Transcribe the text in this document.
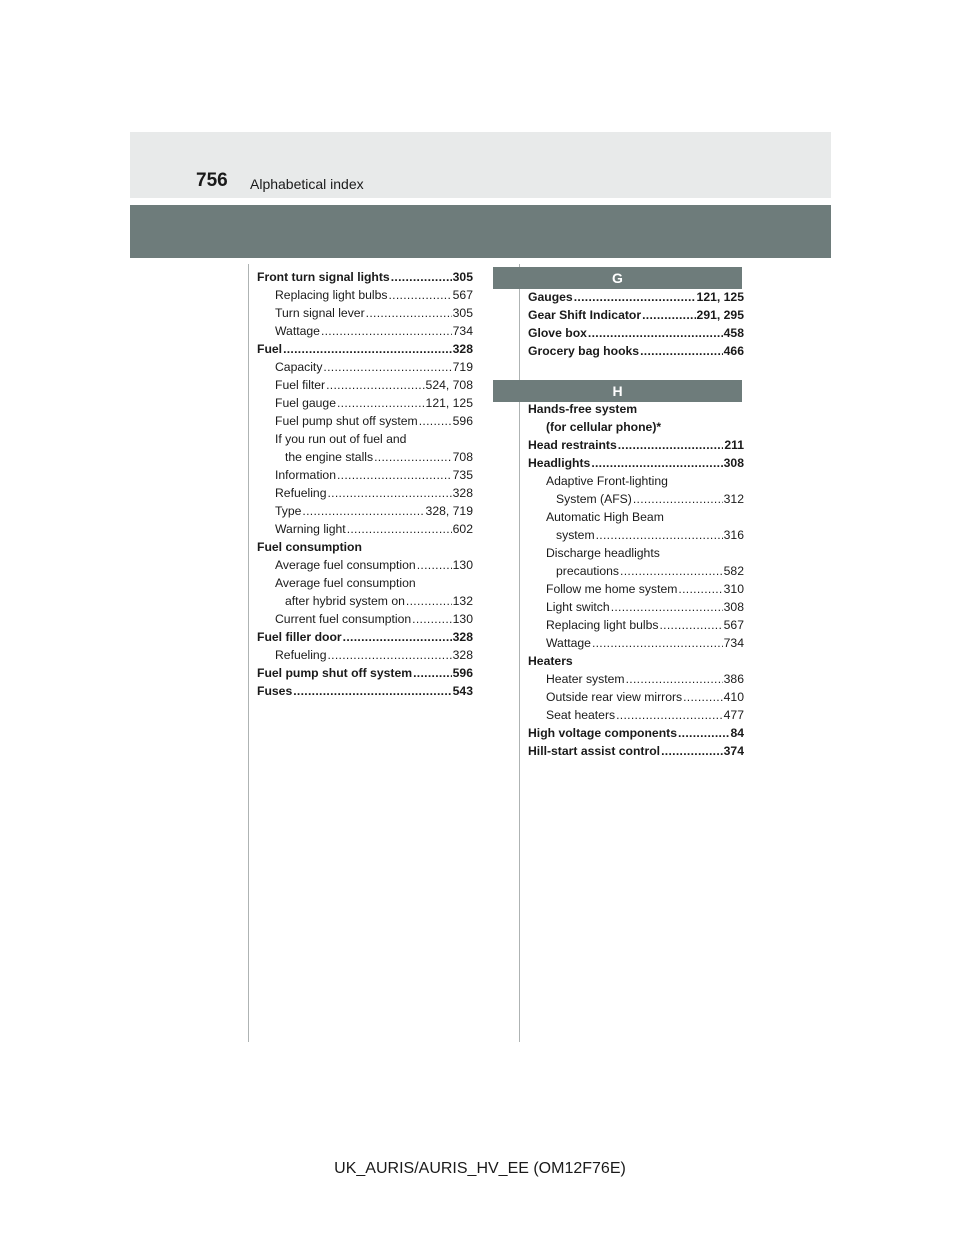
756 Alphabetical index
Front turn signal lights .....	305
Replacing light bulbs .....	567
Turn signal lever .....	305
Wattage .....	734
Fuel .....	328
Capacity .....	719
Fuel filter .....	524, 708
Fuel gauge .....	121, 125
Fuel pump shut off system .....	596
If you run out of fuel and
the engine stalls .....	708
Information .....	735
Refueling .....	328
Type .....	328, 719
Warning light .....	602
Fuel consumption
Average fuel consumption .....	130
Average fuel consumption
after hybrid system on .....	132
Current fuel consumption .....	130
Fuel filler door .....	328
Refueling .....	328
Fuel pump shut off system .....	596
Fuses .....	543
G
H
Gauges .....	121, 125
Gear Shift Indicator .....	291, 295
Glove box .....	458
Grocery bag hooks .....	466
Hands-free system
(for cellular phone)*
Head restraints .....	211
Headlights .....	308
Adaptive Front-lighting
System (AFS) .....	312
Automatic High Beam
system .....	316
Discharge headlights
precautions .....	582
Follow me home system .....	310
Light switch .....	308
Replacing light bulbs .....	567
Wattage .....	734
Heaters
Heater system .....	386
Outside rear view mirrors .....	410
Seat heaters .....	477
High voltage components .....	84
Hill-start assist control .....	374
UK_AURIS/AURIS_HV_EE (OM12F76E)
